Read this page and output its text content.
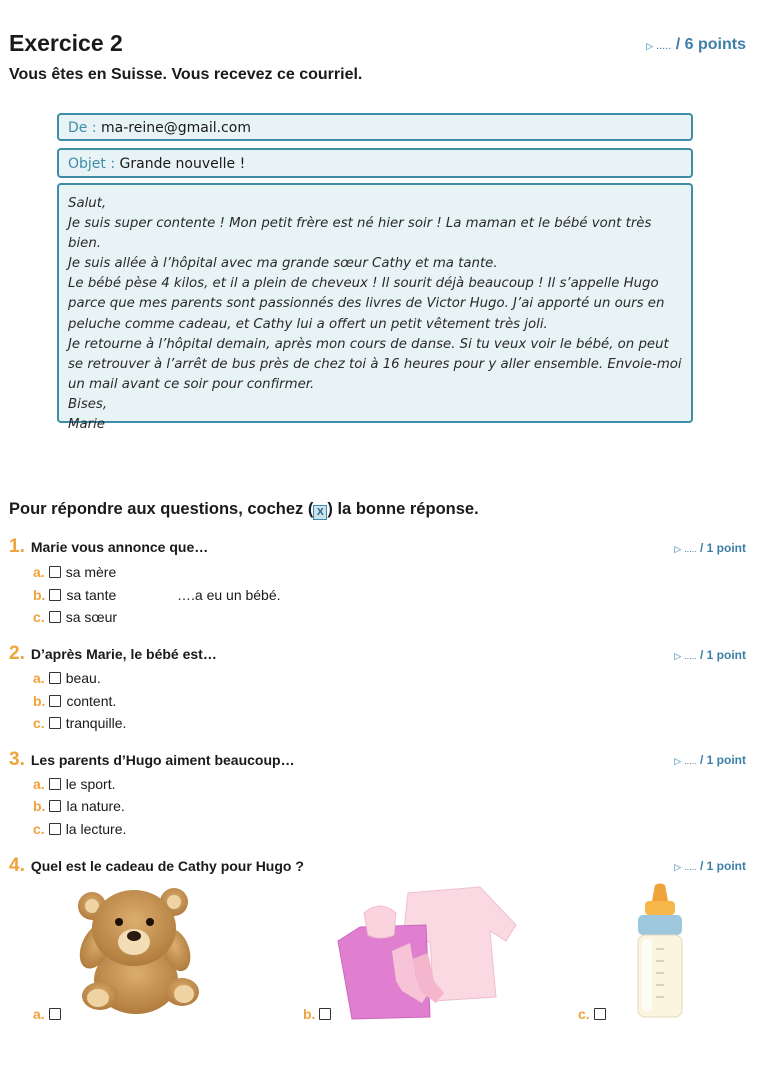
Exercice 2	▷ ..... / 6 points
Vous êtes en Suisse. Vous recevez ce courriel.
De : ma-reine@gmail.com
Objet : Grande nouvelle !

Salut,

Je suis super contente ! Mon petit frère est né hier soir ! La maman et le bébé vont très bien.

Je suis allée à l’hôpital avec ma grande sœur Cathy et ma tante.

Le bébé pèse 4 kilos, et il a plein de cheveux ! Il sourit déjà beaucoup ! Il s’appelle Hugo

parce que mes parents sont passionnés des livres de Victor Hugo. J’ai apporté un ours en

peluche comme cadeau, et Cathy lui a offert un petit vêtement très joli.

Je retourne à l’hôpital demain, après mon cours de danse. Si tu veux voir le bébé, on peut

se retrouver à l’arrêt de bus près de chez toi à 16 heures pour y aller ensemble. Envoie-moi

un mail avant ce soir pour confirmer.

Bises,

Marie

Pour répondre aux questions, cochez ( X ) la bonne réponse.
1. Marie vous annonce que…	▷ ..... / 1 point
a. sa mère
b. sa tante	….a eu un bébé.
c. sa sœur
2. D’après Marie, le bébé est…	▷ ..... / 1 point
a. beau.
b. content.
c. tranquille.
3. Les parents d’Hugo aiment beaucoup…	▷ ..... / 1 point
a. le sport.
b. la nature.
c. la lecture.
4. Quel est le cadeau de Cathy pour Hugo ?	▷ ..... / 1 point
a.	b.	c.
